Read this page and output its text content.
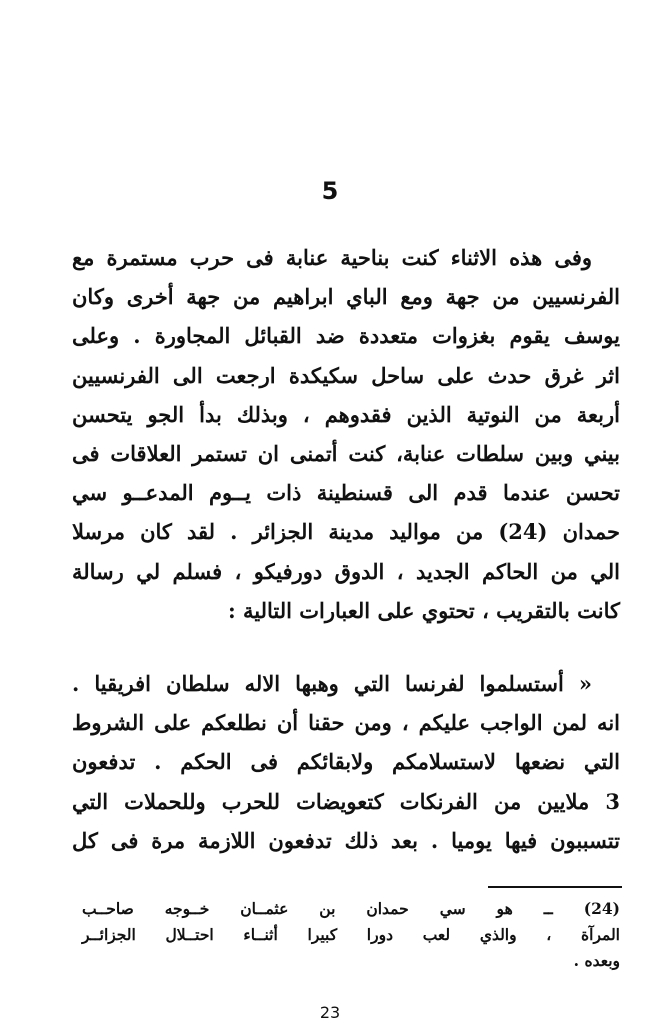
5
وفى هذه الاثناء كنت بناحية عنابة فى حرب مستمرة مع
الفرنسيين من جهة ومع الباي ابراهيم من جهة أخرى وكان
يوسف يقوم بغزوات متعددة ضد القبائل المجاورة . وعلى
اثر غرق حدث على ساحل سكيكدة ارجعت الى الفرنسيين
أربعة من النوتية الذين فقدوهم ، وبذلك بدأ الجو يتحسن
بيني وبين سلطات عنابة، كنت أتمنى ان تستمر العلاقات فى
تحسن عندما قدم الى قسنطينة ذات يــوم المدعــو سي
حمدان (24) من مواليد مدينة الجزائر . لقد كان مرسلا
الي من الحاكم الجديد ، الدوق دورفيكو ، فسلم لي رسالة
كانت بالتقريب ، تحتوي على العبارات التالية :
« أستسلموا لفرنسا التي وهبها الاله سلطان افريقيا .
انه لمن الواجب عليكم ، ومن حقنا أن نطلعكم على الشروط
التي نضعها لاستسلامكم ولابقائكم فى الحكم . تدفعون
3 ملايين من الفرنكات كتعويضات للحرب وللحملات التي
تتسببون فيها يوميا . بعد ذلك تدفعون اللازمة مرة فى كل
(24) ــ هو سي حمدان بن عثمــان خــوجه صاحــب
المرآة ، والذي لعب دورا كبيرا أثنــاء احتــلال الجزائــر
وبعده .
23
